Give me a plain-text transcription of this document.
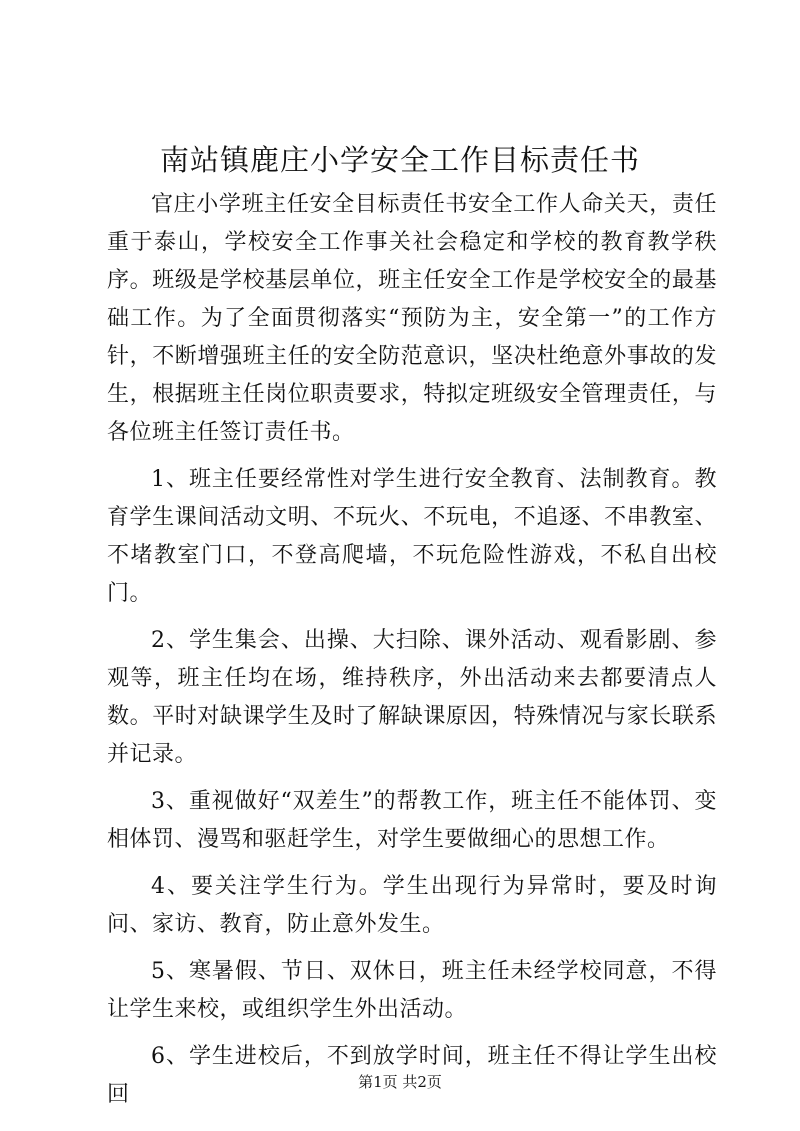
南站镇鹿庄小学安全工作目标责任书

官庄小学班主任安全目标责任书安全工作人命关天，责任重于泰山，学校安全工作事关社会稳定和学校的教育教学秩序。班级是学校基层单位，班主任安全工作是学校安全的最基础工作。为了全面贯彻落实“预防为主，安全第一”的工作方针，不断增强班主任的安全防范意识，坚决杜绝意外事故的发生，根据班主任岗位职责要求，特拟定班级安全管理责任，与各位班主任签订责任书。

1、班主任要经常性对学生进行安全教育、法制教育。教育学生课间活动文明、不玩火、不玩电，不追逐、不串教室、不堵教室门口，不登高爬墙，不玩危险性游戏，不私自出校门。

2、学生集会、出操、大扫除、课外活动、观看影剧、参观等，班主任均在场，维持秩序，外出活动来去都要清点人数。平时对缺课学生及时了解缺课原因，特殊情况与家长联系并记录。

3、重视做好“双差生”的帮教工作，班主任不能体罚、变相体罚、漫骂和驱赶学生，对学生要做细心的思想工作。

4、要关注学生行为。学生出现行为异常时，要及时询问、家访、教育，防止意外发生。

5、寒暑假、节日、双休日，班主任未经学校同意，不得让学生来校，或组织学生外出活动。

6、学生进校后，不到放学时间，班主任不得让学生出校回	第1页 共2页
